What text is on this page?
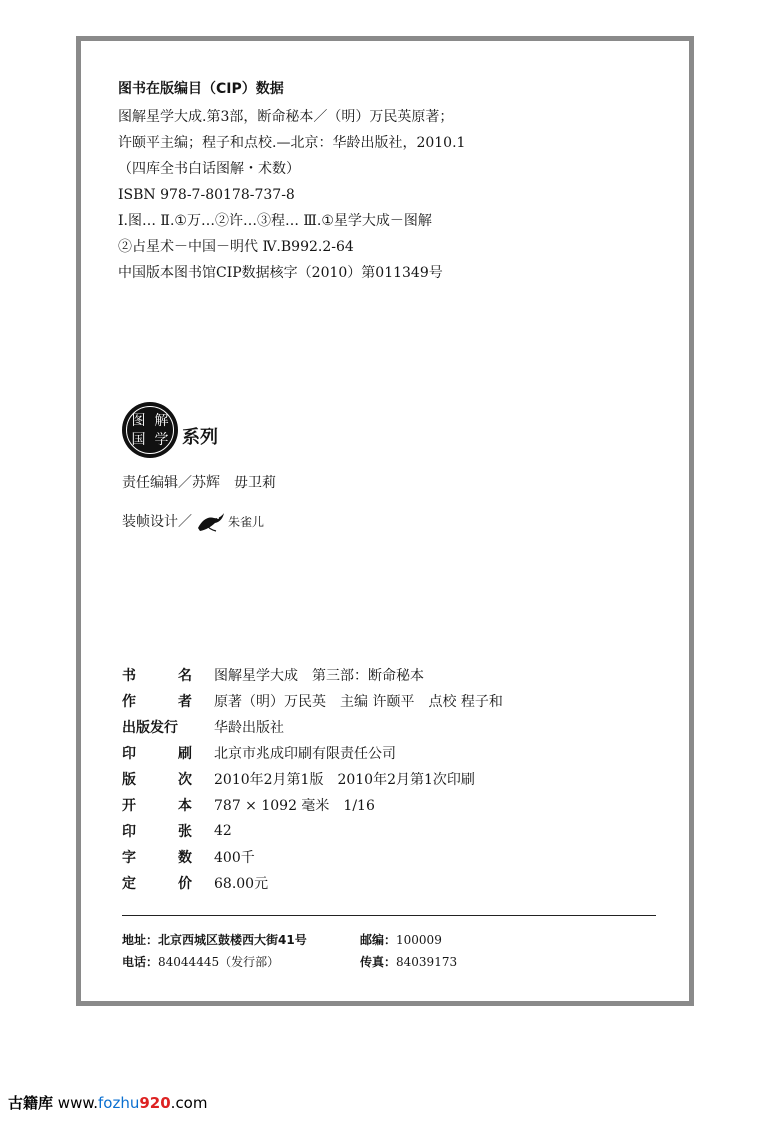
图书在版编目（CIP）数据
图解星学大成.第3部，断命秘本／（明）万民英原著；
许颐平主编；程子和点校.—北京：华龄出版社，2010.1
（四库全书白话图解・术数）
ISBN 978-7-80178-737-8
Ⅰ.图… Ⅱ.①万…②许…③程… Ⅲ.①星学大成－图解
②占星术－中国－明代 Ⅳ.B992.2-64
中国版本图书馆CIP数据核字（2010）第011349号
图 解
国 学 系列
责任编辑／ 苏辉 毋卫莉
装帧设计／	朱雀儿
书	名 图解星学大成　第三部：断命秘本
作	者 原著（明）万民英　主编 许颐平　点校 程子和
出版发行	华龄出版社
印	刷 北京市兆成印刷有限责任公司
版	次 2010年2月第1版　2010年2月第1次印刷
开	本 787 × 1092 毫米　1/16
印	张 42
字	数 400千
定	价 68.00元
地址：北京西城区鼓楼西大街41号	邮编：100009
电话：84044445（发行部）	传真：84039173
古籍库 www.fozhu920.com
